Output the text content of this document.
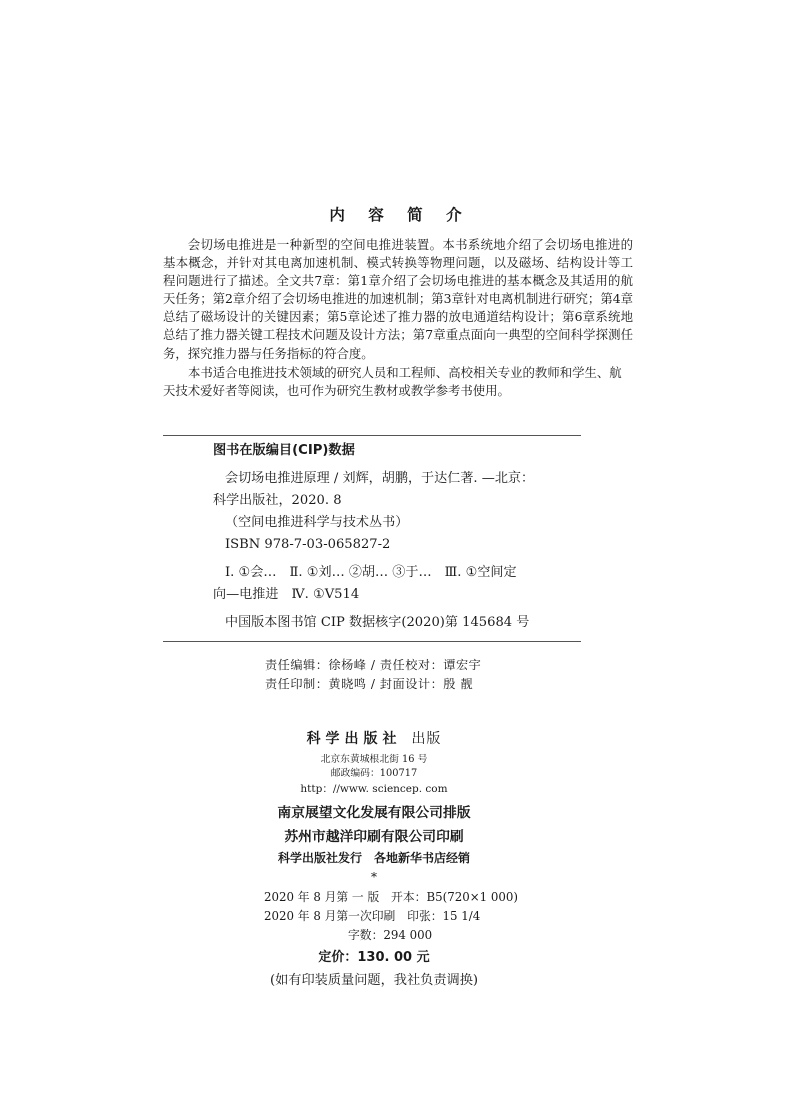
内 容 简 介

会切场电推进是一种新型的空间电推进装置。本书系统地介绍了会切场电推进的基本概念，并针对其电离加速机制、模式转换等物理问题，以及磁场、结构设计等工程问题进行了描述。全文共7章：第1章介绍了会切场电推进的基本概念及其适用的航天任务；第2章介绍了会切场电推进的加速机制；第3章针对电离机制进行研究；第4章总结了磁场设计的关键因素；第5章论述了推力器的放电通道结构设计；第6章系统地总结了推力器关键工程技术问题及设计方法；第7章重点面向一典型的空间科学探测任务，探究推力器与任务指标的符合度。

本书适合电推进技术领域的研究人员和工程师、高校相关专业的教师和学生、航
天技术爱好者等阅读，也可作为研究生教材或教学参考书使用。
图书在版编目(CIP)数据
会切场电推进原理 / 刘辉，胡鹏，于达仁著. —北京：
科学出版社，2020. 8
（空间电推进科学与技术丛书）
ISBN 978-7-03-065827-2
Ⅰ. ①会…　Ⅱ. ①刘… ②胡… ③于…　Ⅲ. ①空间定
向—电推进　Ⅳ. ①V514
中国版本图书馆 CIP 数据核字(2020)第 145684 号
责任编辑：徐杨峰 / 责任校对：谭宏宇
责任印制：黄晓鸣 / 封面设计：殷 靓
科学出版社 出版
北京东黄城根北街 16 号
邮政编码：100717
http：//www. sciencep. com
南京展望文化发展有限公司排版
苏州市越洋印刷有限公司印刷
科学出版社发行　各地新华书店经销
*
2020 年 8 月第 一 版　开本：B5(720×1 000)
2020 年 8 月第一次印刷　印张：15 1/4
字数：294 000
定价：130. 00 元
(如有印装质量问题，我社负责调换)
